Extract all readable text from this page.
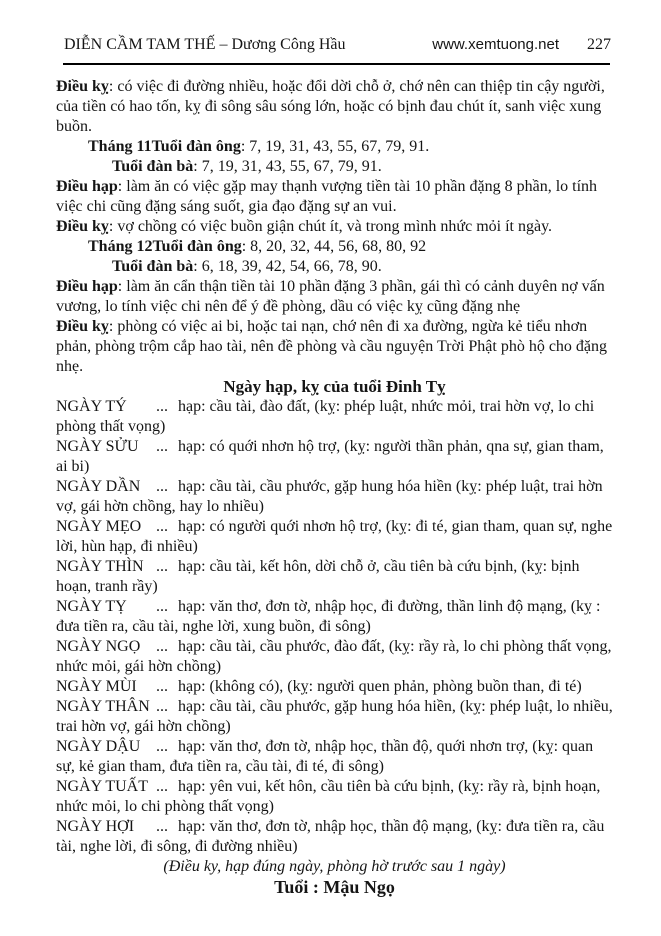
DIỄN CẦM TAM THẾ – Dương Công Hầu	www.xemtuong.net 227

Điều kỵ: có việc đi đường nhiều, hoặc đổi dời chỗ ở, chớ nên can thiệp tin cậy người, của tiền có hao tốn, kỵ đi sông sâu sóng lớn, hoặc có bịnh đau chút ít, sanh việc xung buồn.

Tháng 11Tuổi đàn ông: 7, 19, 31, 43, 55, 67, 79, 91.

Tuổi đàn bà: 7, 19, 31, 43, 55, 67, 79, 91.

Điều hạp: làm ăn có việc gặp may thạnh vượng tiền tài 10 phần đặng 8 phần, lo tính việc chi cũng đặng sáng suốt, gia đạo đặng sự an vui.

Điều kỵ: vợ chồng có việc buồn giận chút ít, và trong mình nhức mỏi ít ngày.

Tháng 12Tuổi đàn ông: 8, 20, 32, 44, 56, 68, 80, 92

Tuổi đàn bà: 6, 18, 39, 42, 54, 66, 78, 90.

Điều hạp: làm ăn cẩn thận tiền tài 10 phần đặng 3 phần, gái thì có cảnh duyên nợ vấn vương, lo tính việc chi nên để ý đề phòng, dầu có việc kỵ cũng đặng nhẹ

Điều kỵ: phòng có việc ai bi, hoặc tai nạn, chớ nên đi xa đường, ngừa kẻ tiểu nhơn phản, phòng trộm cắp hao tài, nên đề phòng và cầu nguyện Trời Phật phò hộ cho đặng nhẹ.

Ngày hạp, kỵ của tuổi Đinh Tỵ

NGÀY TÝ ... hạp: cầu tài, đào đất, (kỵ: phép luật, nhức mỏi, trai hờn vợ, lo chi phòng thất vọng)

NGÀY SỬU ... hạp: có quới nhơn hộ trợ, (kỵ: người thần phản, qna sự, gian tham, ai bi)

NGÀY DẦN ... hạp: cầu tài, cầu phước, gặp hung hóa hiền (kỵ: phép luật, trai hờn vợ, gái hờn chồng, hay lo nhiều)

NGÀY MẸO ... hạp: có người quới nhơn hộ trợ, (kỵ: đi té, gian tham, quan sự, nghe lời, hùn hạp, đi nhiều)

NGÀY THÌN ... hạp: cầu tài, kết hôn, dời chỗ ở, cầu tiên bà cứu bịnh, (kỵ: bịnh hoạn, tranh rầy)

NGÀY TỴ ... hạp: văn thơ, đơn tờ, nhập học, đi đường, thần linh độ mạng, (kỵ : đưa tiền ra, cầu tài, nghe lời, xung buồn, đi sông)

NGÀY NGỌ ... hạp: cầu tài, cầu phước, đào đất, (kỵ: rầy rà, lo chi phòng thất vọng, nhức mỏi, gái hờn chồng)

NGÀY MÙI ... hạp: (không có), (kỵ: người quen phản, phòng buồn than, đi té)

NGÀY THÂN ... hạp: cầu tài, cầu phước, gặp hung hóa hiền, (kỵ: phép luật, lo nhiều, trai hờn vợ, gái hờn chồng)

NGÀY DẬU ... hạp: văn thơ, đơn tờ, nhập học, thần độ, quới nhơn trợ, (kỵ: quan sự, kẻ gian tham, đưa tiền ra, cầu tài, đi té, đi sông)

NGÀY TUẤT ... hạp: yên vui, kết hôn, cầu tiên bà cứu bịnh, (kỵ: rầy rà, bịnh hoạn, nhức mỏi, lo chi phòng thất vọng)

NGÀY HỢI ... hạp: văn thơ, đơn tờ, nhập học, thần độ mạng, (kỵ: đưa tiền ra, cầu tài, nghe lời, đi sông, đi đường nhiều)

(Điều ky, hạp đúng ngày, phòng hờ trước sau 1 ngày)

Tuổi : Mậu Ngọ
